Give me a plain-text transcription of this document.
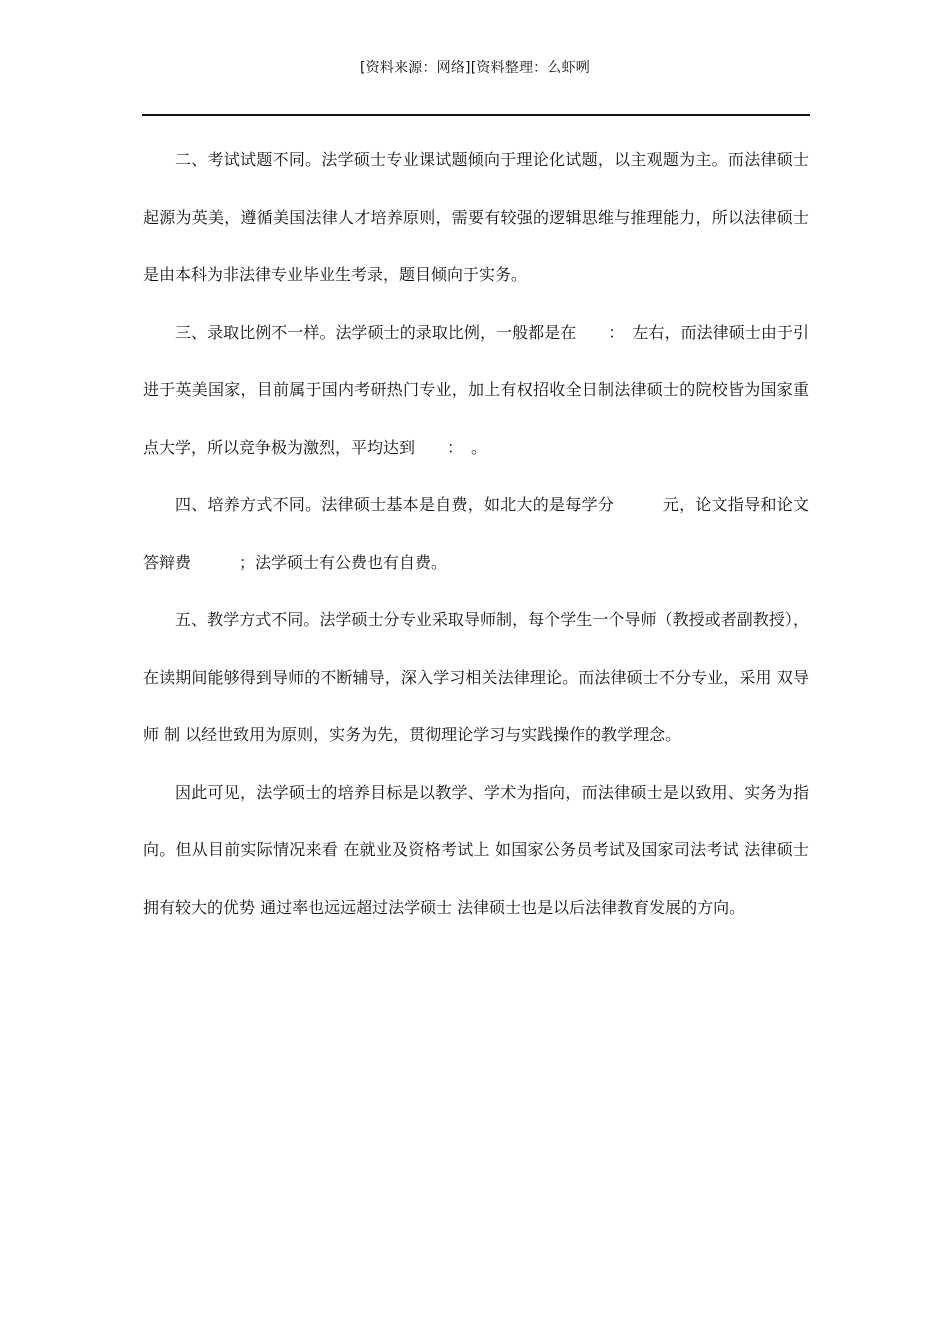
[资料来源：网络][资料整理：么虾咧

二、考试试题不同。法学硕士专业课试题倾向于理论化试题，以主观题为主。而法律硕士起源为英美，遵循美国法律人才培养原则，需要有较强的逻辑思维与推理能力，所以法律硕士是由本科为非法律专业毕业生考录，题目倾向于实务。

三、录取比例不一样。法学硕士的录取比例，一般都是在　　：　左右，而法律硕士由于引进于英美国家，目前属于国内考研热门专业，加上有权招收全日制法律硕士的院校皆为国家重点大学，所以竞争极为激烈，平均达到　　：　。

四、培养方式不同。法律硕士基本是自费，如北大的是每学分　　　元，论文指导和论文答辩费　　　；法学硕士有公费也有自费。

五、教学方式不同。法学硕士分专业采取导师制，每个学生一个导师（教授或者副教授），在读期间能够得到导师的不断辅导，深入学习相关法律理论。而法律硕士不分专业，采用 双导师 制 以经世致用为原则，实务为先，贯彻理论学习与实践操作的教学理念。

因此可见，法学硕士的培养目标是以教学、学术为指向，而法律硕士是以致用、实务为指向。但从目前实际情况来看 在就业及资格考试上 如国家公务员考试及国家司法考试 法律硕士拥有较大的优势 通过率也远远超过法学硕士 法律硕士也是以后法律教育发展的方向。
